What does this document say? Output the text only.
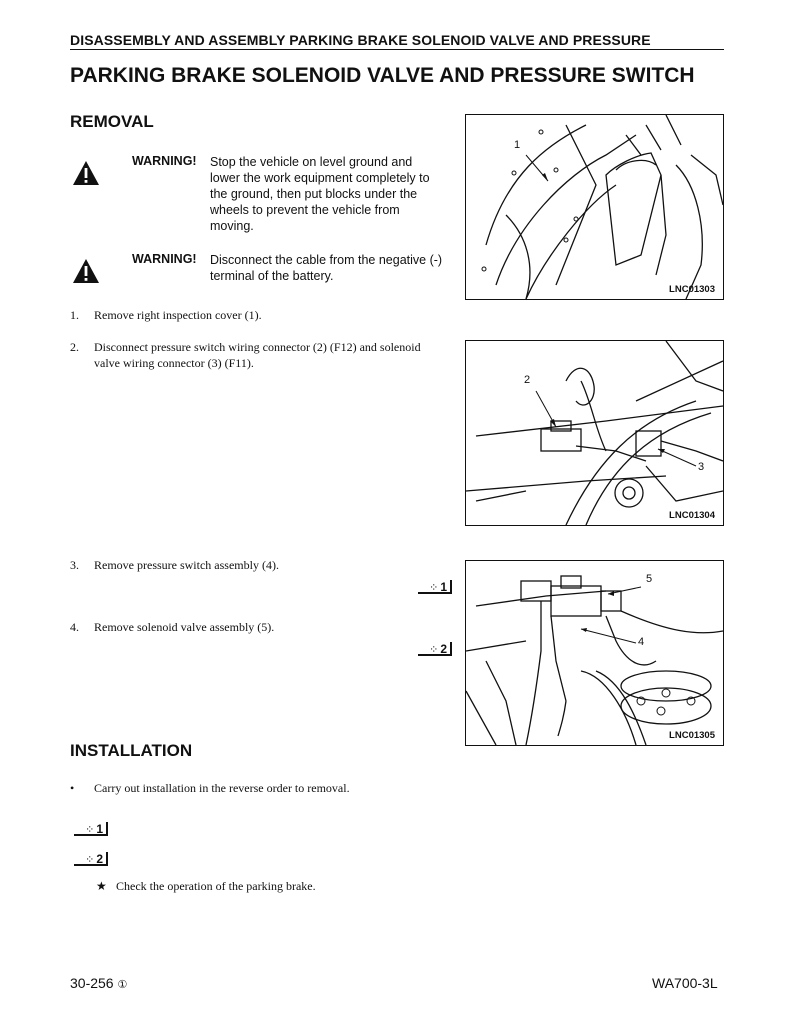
DISASSEMBLY AND ASSEMBLY PARKING BRAKE SOLENOID VALVE AND PRESSURE
PARKING BRAKE SOLENOID VALVE AND PRESSURE SWITCH
REMOVAL
WARNING! Stop the vehicle on level ground and
lower the work equipment completely to
the ground, then put blocks under the
wheels to prevent the vehicle from
moving.
WARNING! Disconnect the cable from the negative (-)
terminal of the battery.
1. Remove right inspection cover (1).
2. Disconnect pressure switch wiring connector (2) (F12) and solenoid
valve wiring connector (3) (F11).
3. Remove pressure switch assembly (4).
⁘ 1
4. Remove solenoid valve assembly (5).
⁘ 2
1
LNC01303
2
3
LNC01304
5
4
LNC01305
INSTALLATION
• Carry out installation in the reverse order to removal.
⁘ 1
⁘ 2
★ Check the operation of the parking brake.
30-256 ①	WA700-3L
